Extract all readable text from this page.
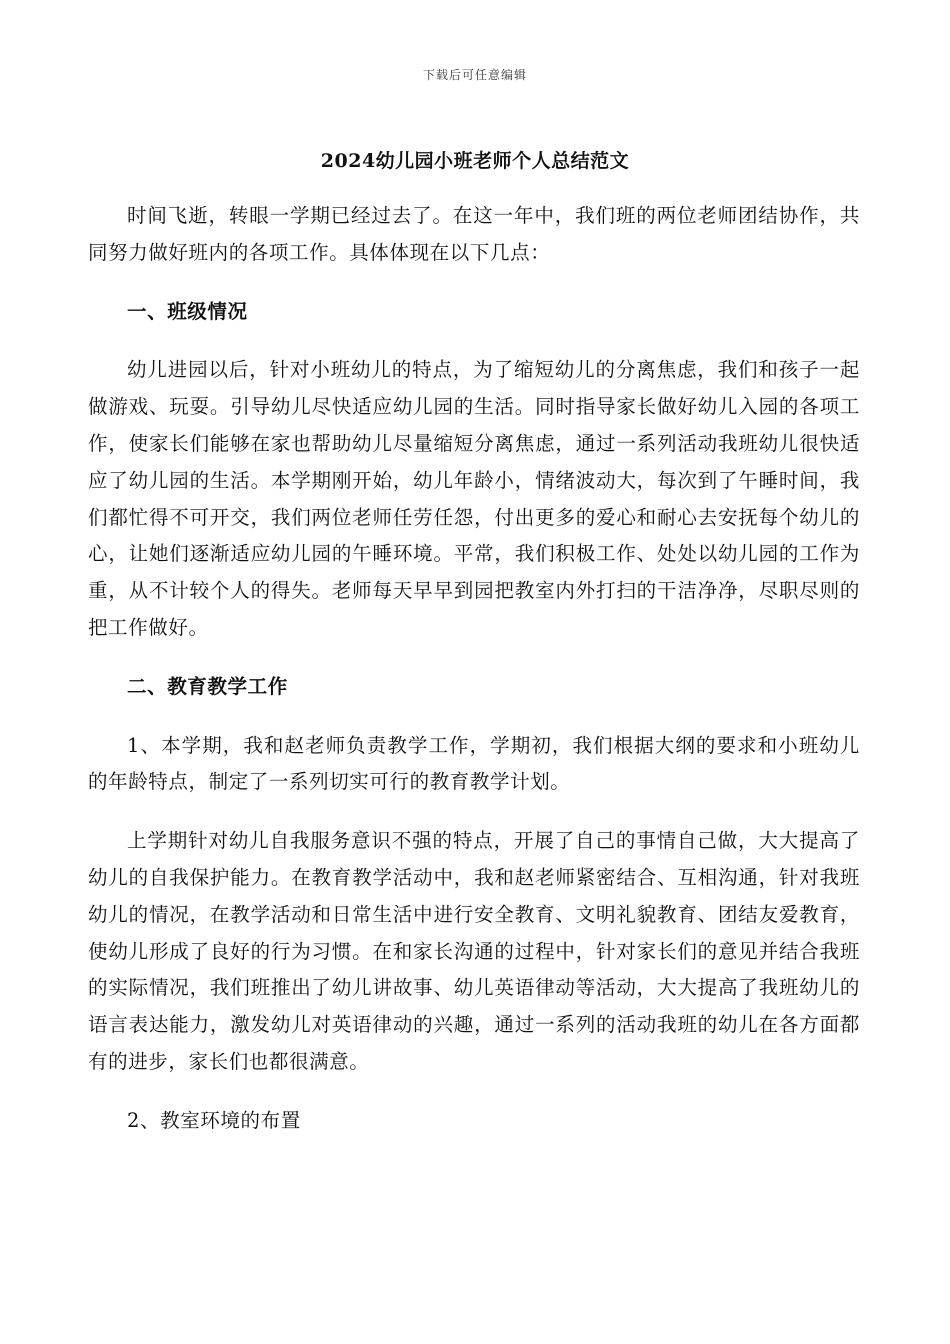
下载后可任意编辑
2024幼儿园小班老师个人总结范文

时间飞逝，转眼一学期已经过去了。在这一年中，我们班的两位老师团结协作，共同努力做好班内的各项工作。具体体现在以下几点：

一、班级情况

幼儿进园以后，针对小班幼儿的特点，为了缩短幼儿的分离焦虑，我们和孩子一起做游戏、玩耍。引导幼儿尽快适应幼儿园的生活。同时指导家长做好幼儿入园的各项工作，使家长们能够在家也帮助幼儿尽量缩短分离焦虑，通过一系列活动我班幼儿很快适应了幼儿园的生活。本学期刚开始，幼儿年龄小，情绪波动大，每次到了午睡时间，我们都忙得不可开交，我们两位老师任劳任怨，付出更多的爱心和耐心去安抚每个幼儿的心，让她们逐渐适应幼儿园的午睡环境。平常，我们积极工作、处处以幼儿园的工作为重，从不计较个人的得失。老师每天早早到园把教室内外打扫的干洁净净，尽职尽则的把工作做好。

二、教育教学工作

1、本学期，我和赵老师负责教学工作，学期初，我们根据大纲的要求和小班幼儿的年龄特点，制定了一系列切实可行的教育教学计划。

上学期针对幼儿自我服务意识不强的特点，开展了自己的事情自己做，大大提高了幼儿的自我保护能力。在教育教学活动中，我和赵老师紧密结合、互相沟通，针对我班幼儿的情况，在教学活动和日常生活中进行安全教育、文明礼貌教育、团结友爱教育，使幼儿形成了良好的行为习惯。在和家长沟通的过程中，针对家长们的意见并结合我班的实际情况，我们班推出了幼儿讲故事、幼儿英语律动等活动，大大提高了我班幼儿的语言表达能力，激发幼儿对英语律动的兴趣，通过一系列的活动我班的幼儿在各方面都有的进步，家长们也都很满意。

2、教室环境的布置
